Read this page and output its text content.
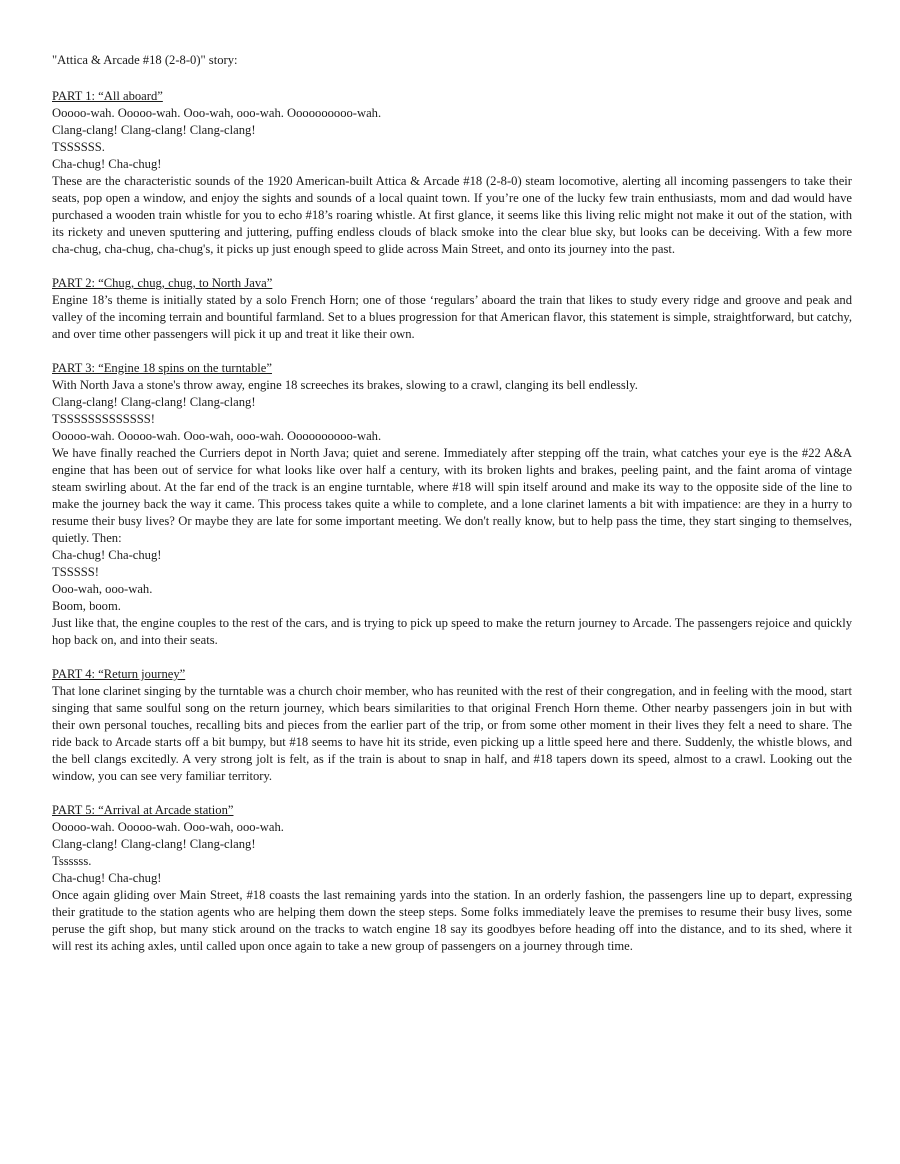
"Attica & Arcade #18 (2-8-0)" story:
PART 1: “All aboard”
Ooooo-wah. Ooooo-wah. Ooo-wah, ooo-wah. Oooooooooo-wah.
Clang-clang! Clang-clang! Clang-clang!
TSSSSSS.
Cha-chug! Cha-chug!
These are the characteristic sounds of the 1920 American-built Attica & Arcade #18 (2-8-0) steam locomotive, alerting all incoming passengers to take their seats, pop open a window, and enjoy the sights and sounds of a local quaint town. If you’re one of the lucky few train enthusiasts, mom and dad would have purchased a wooden train whistle for you to echo #18’s roaring whistle. At first glance, it seems like this living relic might not make it out of the station, with its rickety and uneven sputtering and juttering, puffing endless clouds of black smoke into the clear blue sky, but looks can be deceiving. With a few more cha-chug, cha-chug, cha-chug's, it picks up just enough speed to glide across Main Street, and onto its journey into the past.
PART 2: “Chug, chug, chug, to North Java”
Engine 18’s theme is initially stated by a solo French Horn; one of those ‘regulars’ aboard the train that likes to study every ridge and groove and peak and valley of the incoming terrain and bountiful farmland. Set to a blues progression for that American flavor, this statement is simple, straightforward, but catchy, and over time other passengers will pick it up and treat it like their own.
PART 3: “Engine 18 spins on the turntable”
With North Java a stone's throw away, engine 18 screeches its brakes, slowing to a crawl, clanging its bell endlessly.
Clang-clang! Clang-clang! Clang-clang!
TSSSSSSSSSSSSS!
Ooooo-wah. Ooooo-wah. Ooo-wah, ooo-wah. Oooooooooo-wah.
We have finally reached the Curriers depot in North Java; quiet and serene. Immediately after stepping off the train, what catches your eye is the #22 A&A engine that has been out of service for what looks like over half a century, with its broken lights and brakes, peeling paint, and the faint aroma of vintage steam swirling about. At the far end of the track is an engine turntable, where #18 will spin itself around and make its way to the opposite side of the line to make the journey back the way it came. This process takes quite a while to complete, and a lone clarinet laments a bit with impatience: are they in a hurry to resume their busy lives? Or maybe they are late for some important meeting. We don't really know, but to help pass the time, they start singing to themselves, quietly. Then:
Cha-chug! Cha-chug!
TSSSSS!
Ooo-wah, ooo-wah.
Boom, boom.
Just like that, the engine couples to the rest of the cars, and is trying to pick up speed to make the return journey to Arcade. The passengers rejoice and quickly hop back on, and into their seats.
PART 4: “Return journey”
That lone clarinet singing by the turntable was a church choir member, who has reunited with the rest of their congregation, and in feeling with the mood, start singing that same soulful song on the return journey, which bears similarities to that original French Horn theme. Other nearby passengers join in but with their own personal touches, recalling bits and pieces from the earlier part of the trip, or from some other moment in their lives they felt a need to share. The ride back to Arcade starts off a bit bumpy, but #18 seems to have hit its stride, even picking up a little speed here and there. Suddenly, the whistle blows, and the bell clangs excitedly. A very strong jolt is felt, as if the train is about to snap in half, and #18 tapers down its speed, almost to a crawl. Looking out the window, you can see very familiar territory.
PART 5: “Arrival at Arcade station”
Ooooo-wah. Ooooo-wah. Ooo-wah, ooo-wah.
Clang-clang! Clang-clang! Clang-clang!
Tssssss.
Cha-chug! Cha-chug!
Once again gliding over Main Street, #18 coasts the last remaining yards into the station. In an orderly fashion, the passengers line up to depart, expressing their gratitude to the station agents who are helping them down the steep steps. Some folks immediately leave the premises to resume their busy lives, some peruse the gift shop, but many stick around on the tracks to watch engine 18 say its goodbyes before heading off into the distance, and to its shed, where it will rest its aching axles, until called upon once again to take a new group of passengers on a journey through time.
